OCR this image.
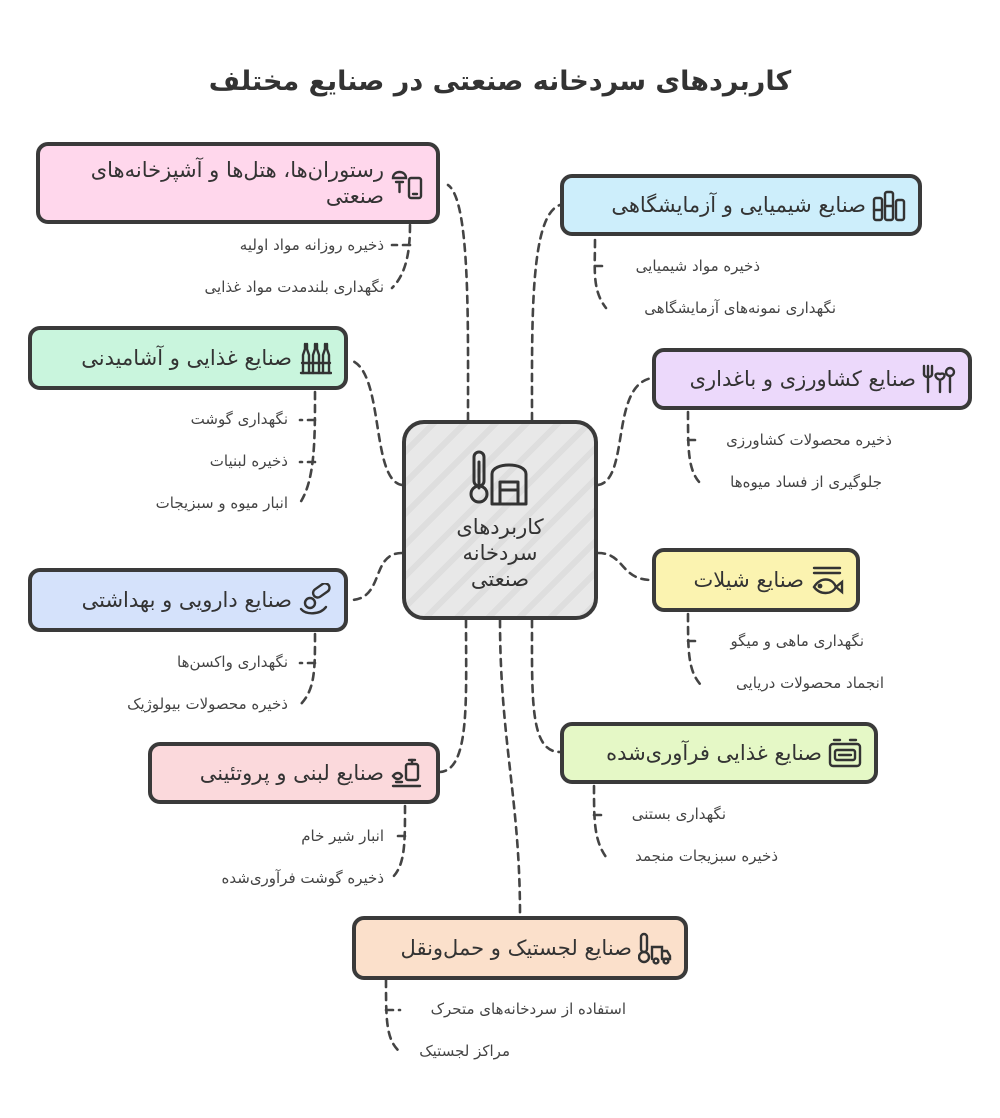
کاربردهای سردخانه صنعتی در صنایع مختلف
کاربردهای سردخانه صنعتی
رستوران‌ها، هتل‌ها و آشپزخانه‌های صنعتی	صنایع شیمیایی و آزمایشگاهی
صنایع غذایی و آشامیدنی
صنایع کشاورزی و باغداری
صنایع دارویی و بهداشتی
صنایع شیلات
صنایع لبنی و پروتئینی
صنایع غذایی فرآوری‌شده
صنایع لجستیک و حمل‌ونقل
ذخیره روزانه مواد اولیه
نگهداری بلندمدت مواد غذایی
ذخیره مواد شیمیایی
نگهداری نمونه‌های آزمایشگاهی
نگهداری گوشت
ذخیره لبنیات
انبار میوه و سبزیجات
ذخیره محصولات کشاورزی
جلوگیری از فساد میوه‌ها
نگهداری واکسن‌ها
ذخیره محصولات بیولوژیک
نگهداری ماهی و میگو
انجماد محصولات دریایی
انبار شیر خام
ذخیره گوشت فرآوری‌شده
نگهداری بستنی
ذخیره سبزیجات منجمد
استفاده از سردخانه‌های متحرک
مراکز لجستیک
